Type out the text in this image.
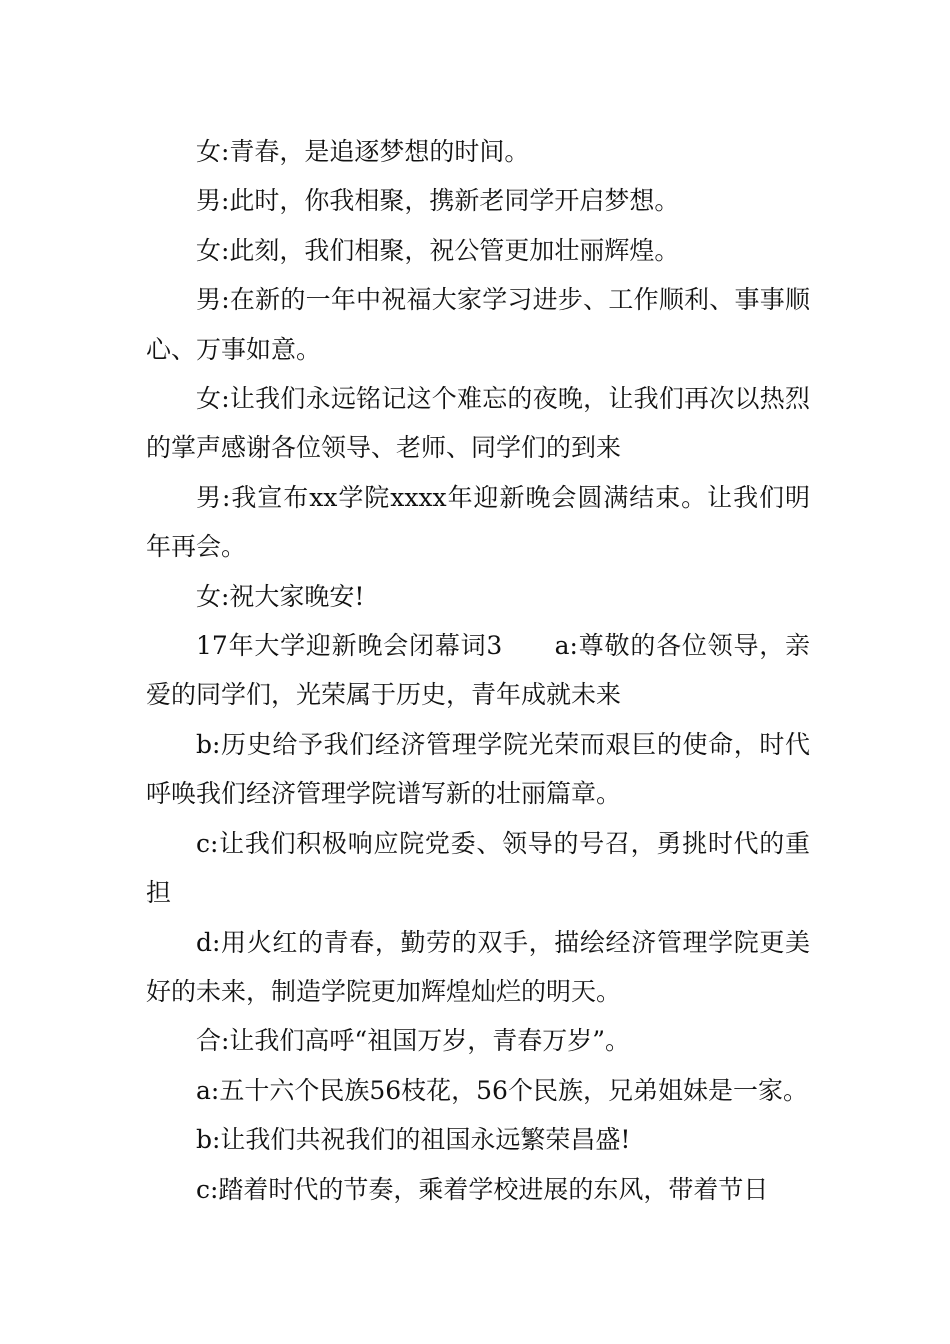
女:青春，是追逐梦想的时间。

男:此时，你我相聚，携新老同学开启梦想。

女:此刻，我们相聚，祝公管更加壮丽辉煌。

男:在新的一年中祝福大家学习进步、工作顺利、事事顺心、万事如意。

女:让我们永远铭记这个难忘的夜晚，让我们再次以热烈的掌声感谢各位领导、老师、同学们的到来

男:我宣布xx学院xxxx年迎新晚会圆满结束。让我们明年再会。

女:祝大家晚安!

17年大学迎新晚会闭幕词3　　a:尊敬的各位领导，亲爱的同学们，光荣属于历史，青年成就未来

b:历史给予我们经济管理学院光荣而艰巨的使命，时代呼唤我们经济管理学院谱写新的壮丽篇章。

c:让我们积极响应院党委、领导的号召，勇挑时代的重担

d:用火红的青春，勤劳的双手，描绘经济管理学院更美好的未来，制造学院更加辉煌灿烂的明天。

合:让我们高呼“祖国万岁，青春万岁”。

a:五十六个民族56枝花，56个民族，兄弟姐妹是一家。

b:让我们共祝我们的祖国永远繁荣昌盛!

c:踏着时代的节奏，乘着学校进展的东风，带着节日
